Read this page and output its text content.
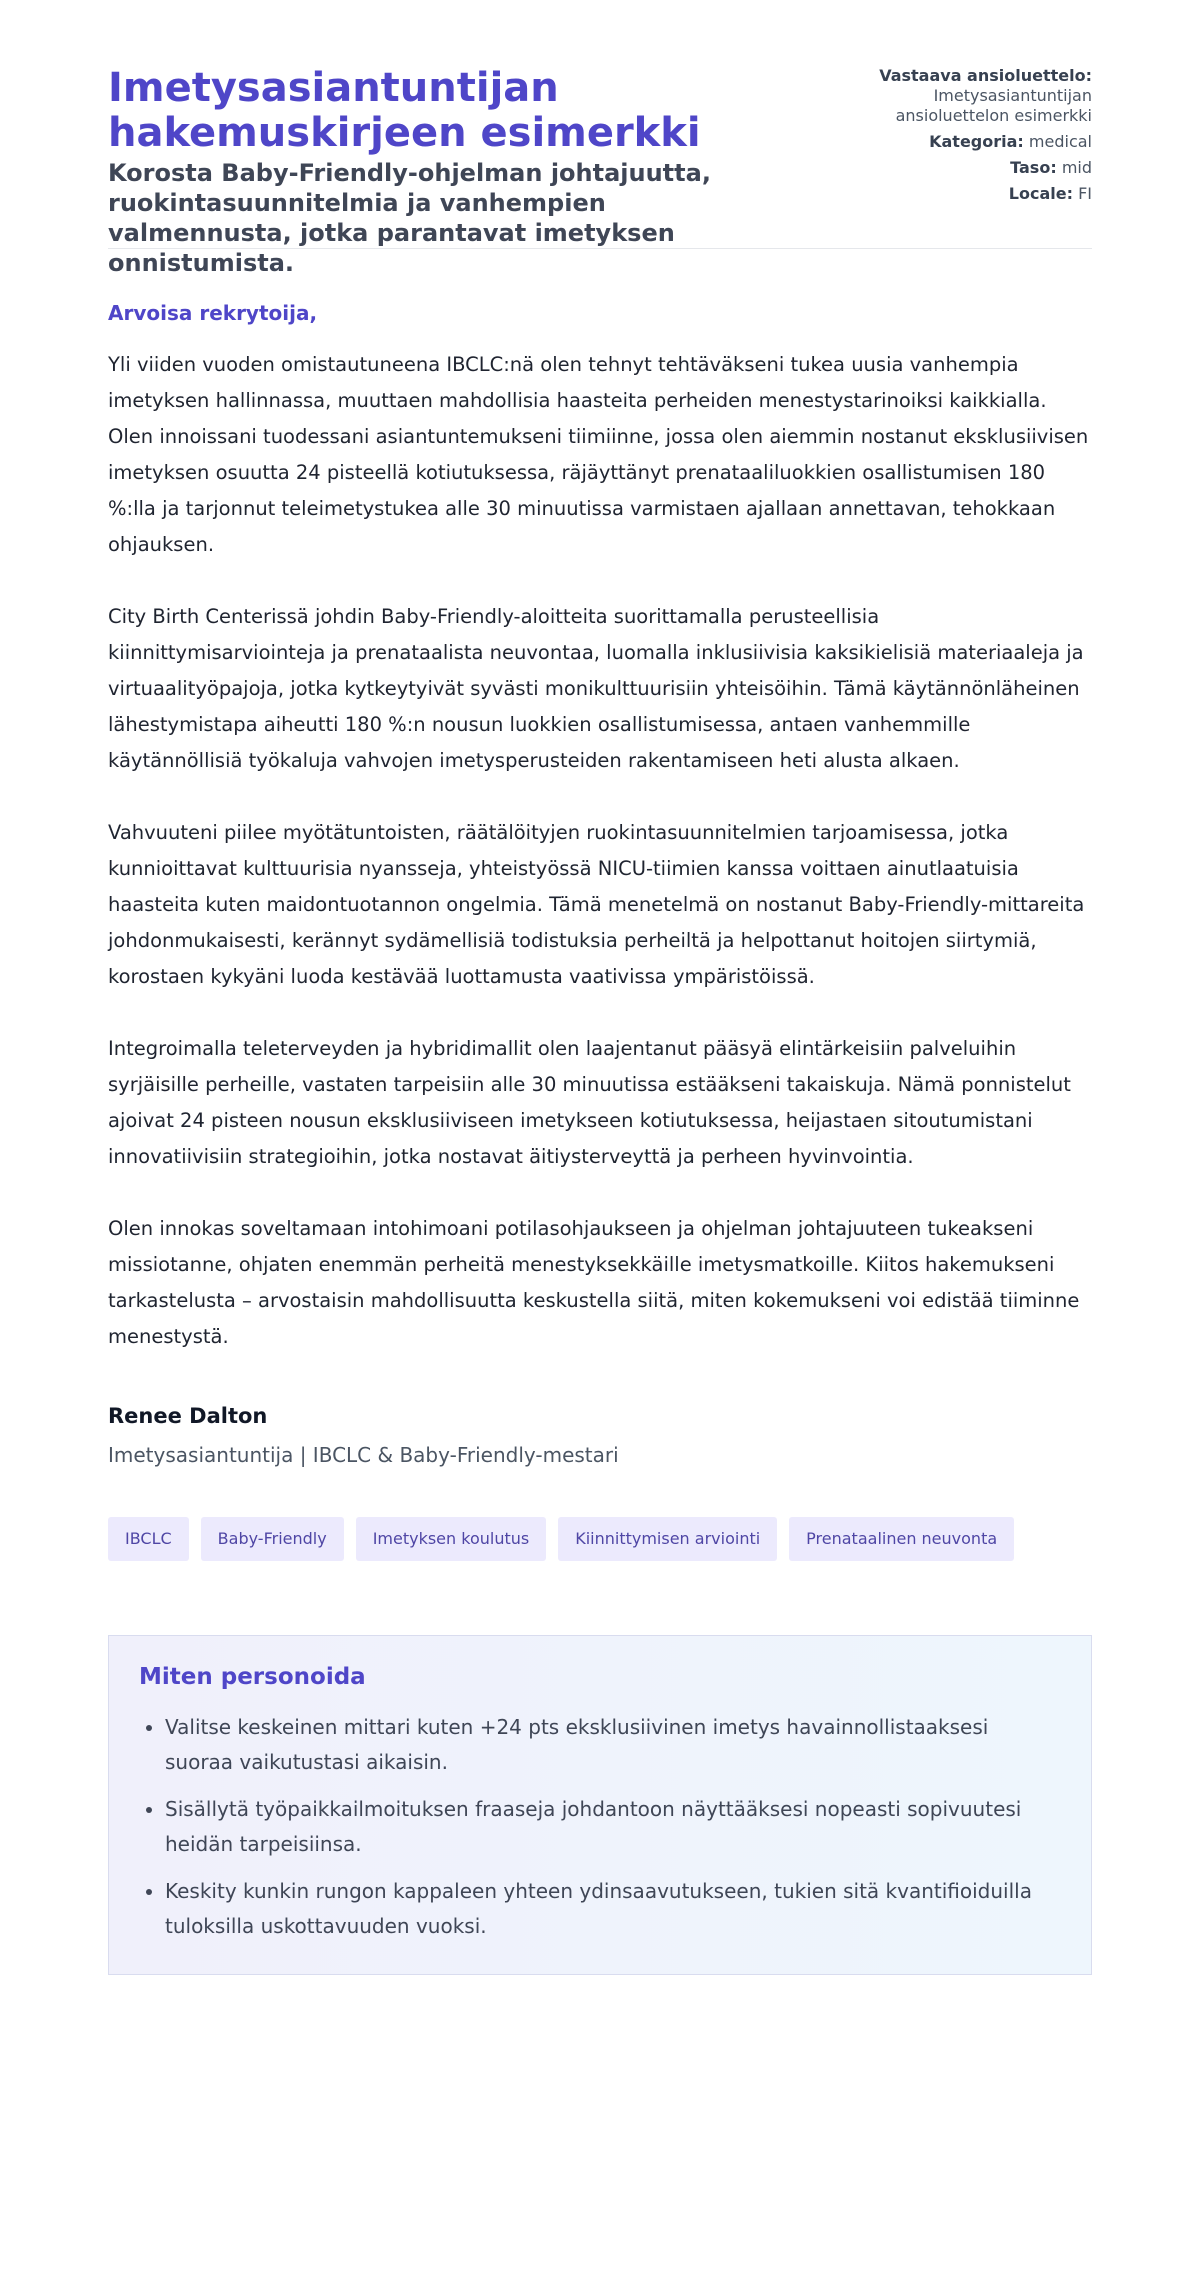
Imetysasiantuntijan hakemuskirjeen esimerkki
Korosta Baby-Friendly-ohjelman johtajuutta, ruokintasuunnitelmia ja vanhempien valmennusta, jotka parantavat imetyksen onnistumista.
Vastaava ansioluettelo:
Imetysasiantuntijan ansioluettelon esimerkki
Kategoria: medical
Taso: mid
Locale: FI

Arvoisa rekrytoija,

Yli viiden vuoden omistautuneena IBCLC:nä olen tehnyt tehtäväkseni tukea uusia vanhempia imetyksen hallinnassa, muuttaen mahdollisia haasteita perheiden menestystarinoiksi kaikkialla. Olen innoissani tuodessani asiantuntemukseni tiimiinne, jossa olen aiemmin nostanut eksklusiivisen imetyksen osuutta 24 pisteellä kotiutuksessa, räjäyttänyt prenataaliluokkien osallistumisen 180 %:lla ja tarjonnut teleimetystukea alle 30 minuutissa varmistaen ajallaan annettavan, tehokkaan ohjauksen.

City Birth Centerissä johdin Baby-Friendly-aloitteita suorittamalla perusteellisia kiinnittymisarviointeja ja prenataalista neuvontaa, luomalla inklusiivisia kaksikielisiä materiaaleja ja virtuaalityöpajoja, jotka kytkeytyivät syvästi monikulttuurisiin yhteisöihin. Tämä käytännönläheinen lähestymistapa aiheutti 180 %:n nousun luokkien osallistumisessa, antaen vanhemmille käytännöllisiä työkaluja vahvojen imetysperusteiden rakentamiseen heti alusta alkaen.

Vahvuuteni piilee myötätuntoisten, räätälöityjen ruokintasuunnitelmien tarjoamisessa, jotka kunnioittavat kulttuurisia nyansseja, yhteistyössä NICU-tiimien kanssa voittaen ainutlaatuisia haasteita kuten maidontuotannon ongelmia. Tämä menetelmä on nostanut Baby-Friendly-mittareita johdonmukaisesti, kerännyt sydämellisiä todistuksia perheiltä ja helpottanut hoitojen siirtymiä, korostaen kykyäni luoda kestävää luottamusta vaativissa ympäristöissä.

Integroimalla teleterveyden ja hybridimallit olen laajentanut pääsyä elintärkeisiin palveluihin syrjäisille perheille, vastaten tarpeisiin alle 30 minuutissa estääkseni takaiskuja. Nämä ponnistelut ajoivat 24 pisteen nousun eksklusiiviseen imetykseen kotiutuksessa, heijastaen sitoutumistani innovatiivisiin strategioihin, jotka nostavat äitiysterveyttä ja perheen hyvinvointia.

Olen innokas soveltamaan intohimoani potilasohjaukseen ja ohjelman johtajuuteen tukeakseni missiotanne, ohjaten enemmän perheitä menestyksekkäille imetysmatkoille. Kiitos hakemukseni tarkastelusta – arvostaisin mahdollisuutta keskustella siitä, miten kokemukseni voi edistää tiiminne menestystä.

Renee Dalton

Imetysasiantuntija | IBCLC & Baby-Friendly-mestari

IBCLC	Baby-Friendly	Imetyksen koulutus	Kiinnittymisen arviointi	Prenataalinen neuvonta
Miten personoida
• Valitse keskeinen mittari kuten +24 pts eksklusiivinen imetys havainnollistaaksesi suoraa vaikutustasi aikaisin.
• Sisällytä työpaikkailmoituksen fraaseja johdantoon näyttääksesi nopeasti sopivuutesi heidän tarpeisiinsa.
• Keskity kunkin rungon kappaleen yhteen ydinsaavutukseen, tukien sitä kvantifioiduilla tuloksilla uskottavuuden vuoksi.
